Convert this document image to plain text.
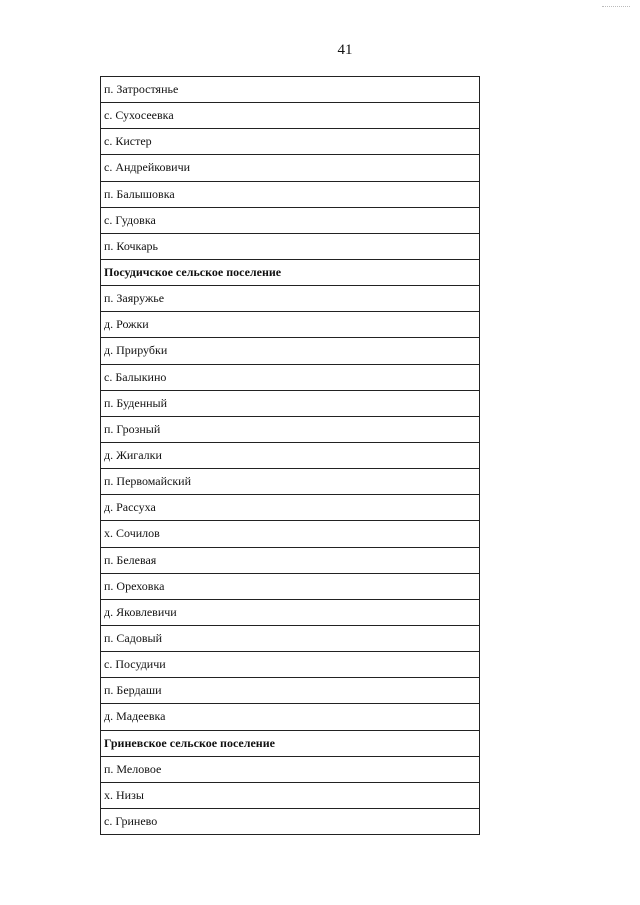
41
п. Затростянье
с. Сухосеевка
с. Кистер
с. Андрейковичи
п. Балышовка
с. Гудовка
п. Кочкарь
Посудичское сельское поселение
п. Заяружье
д. Рожки
д. Прирубки
с. Балыкино
п. Буденный
п. Грозный
д. Жигалки
п. Первомайский
д. Рассуха
х. Сочилов
п. Белевая
п. Ореховка
д. Яковлевичи
п. Садовый
с. Посудичи
п. Бердаши
д. Мадеевка
Гриневское сельское поселение
п. Меловое
х. Низы
с. Гринево
